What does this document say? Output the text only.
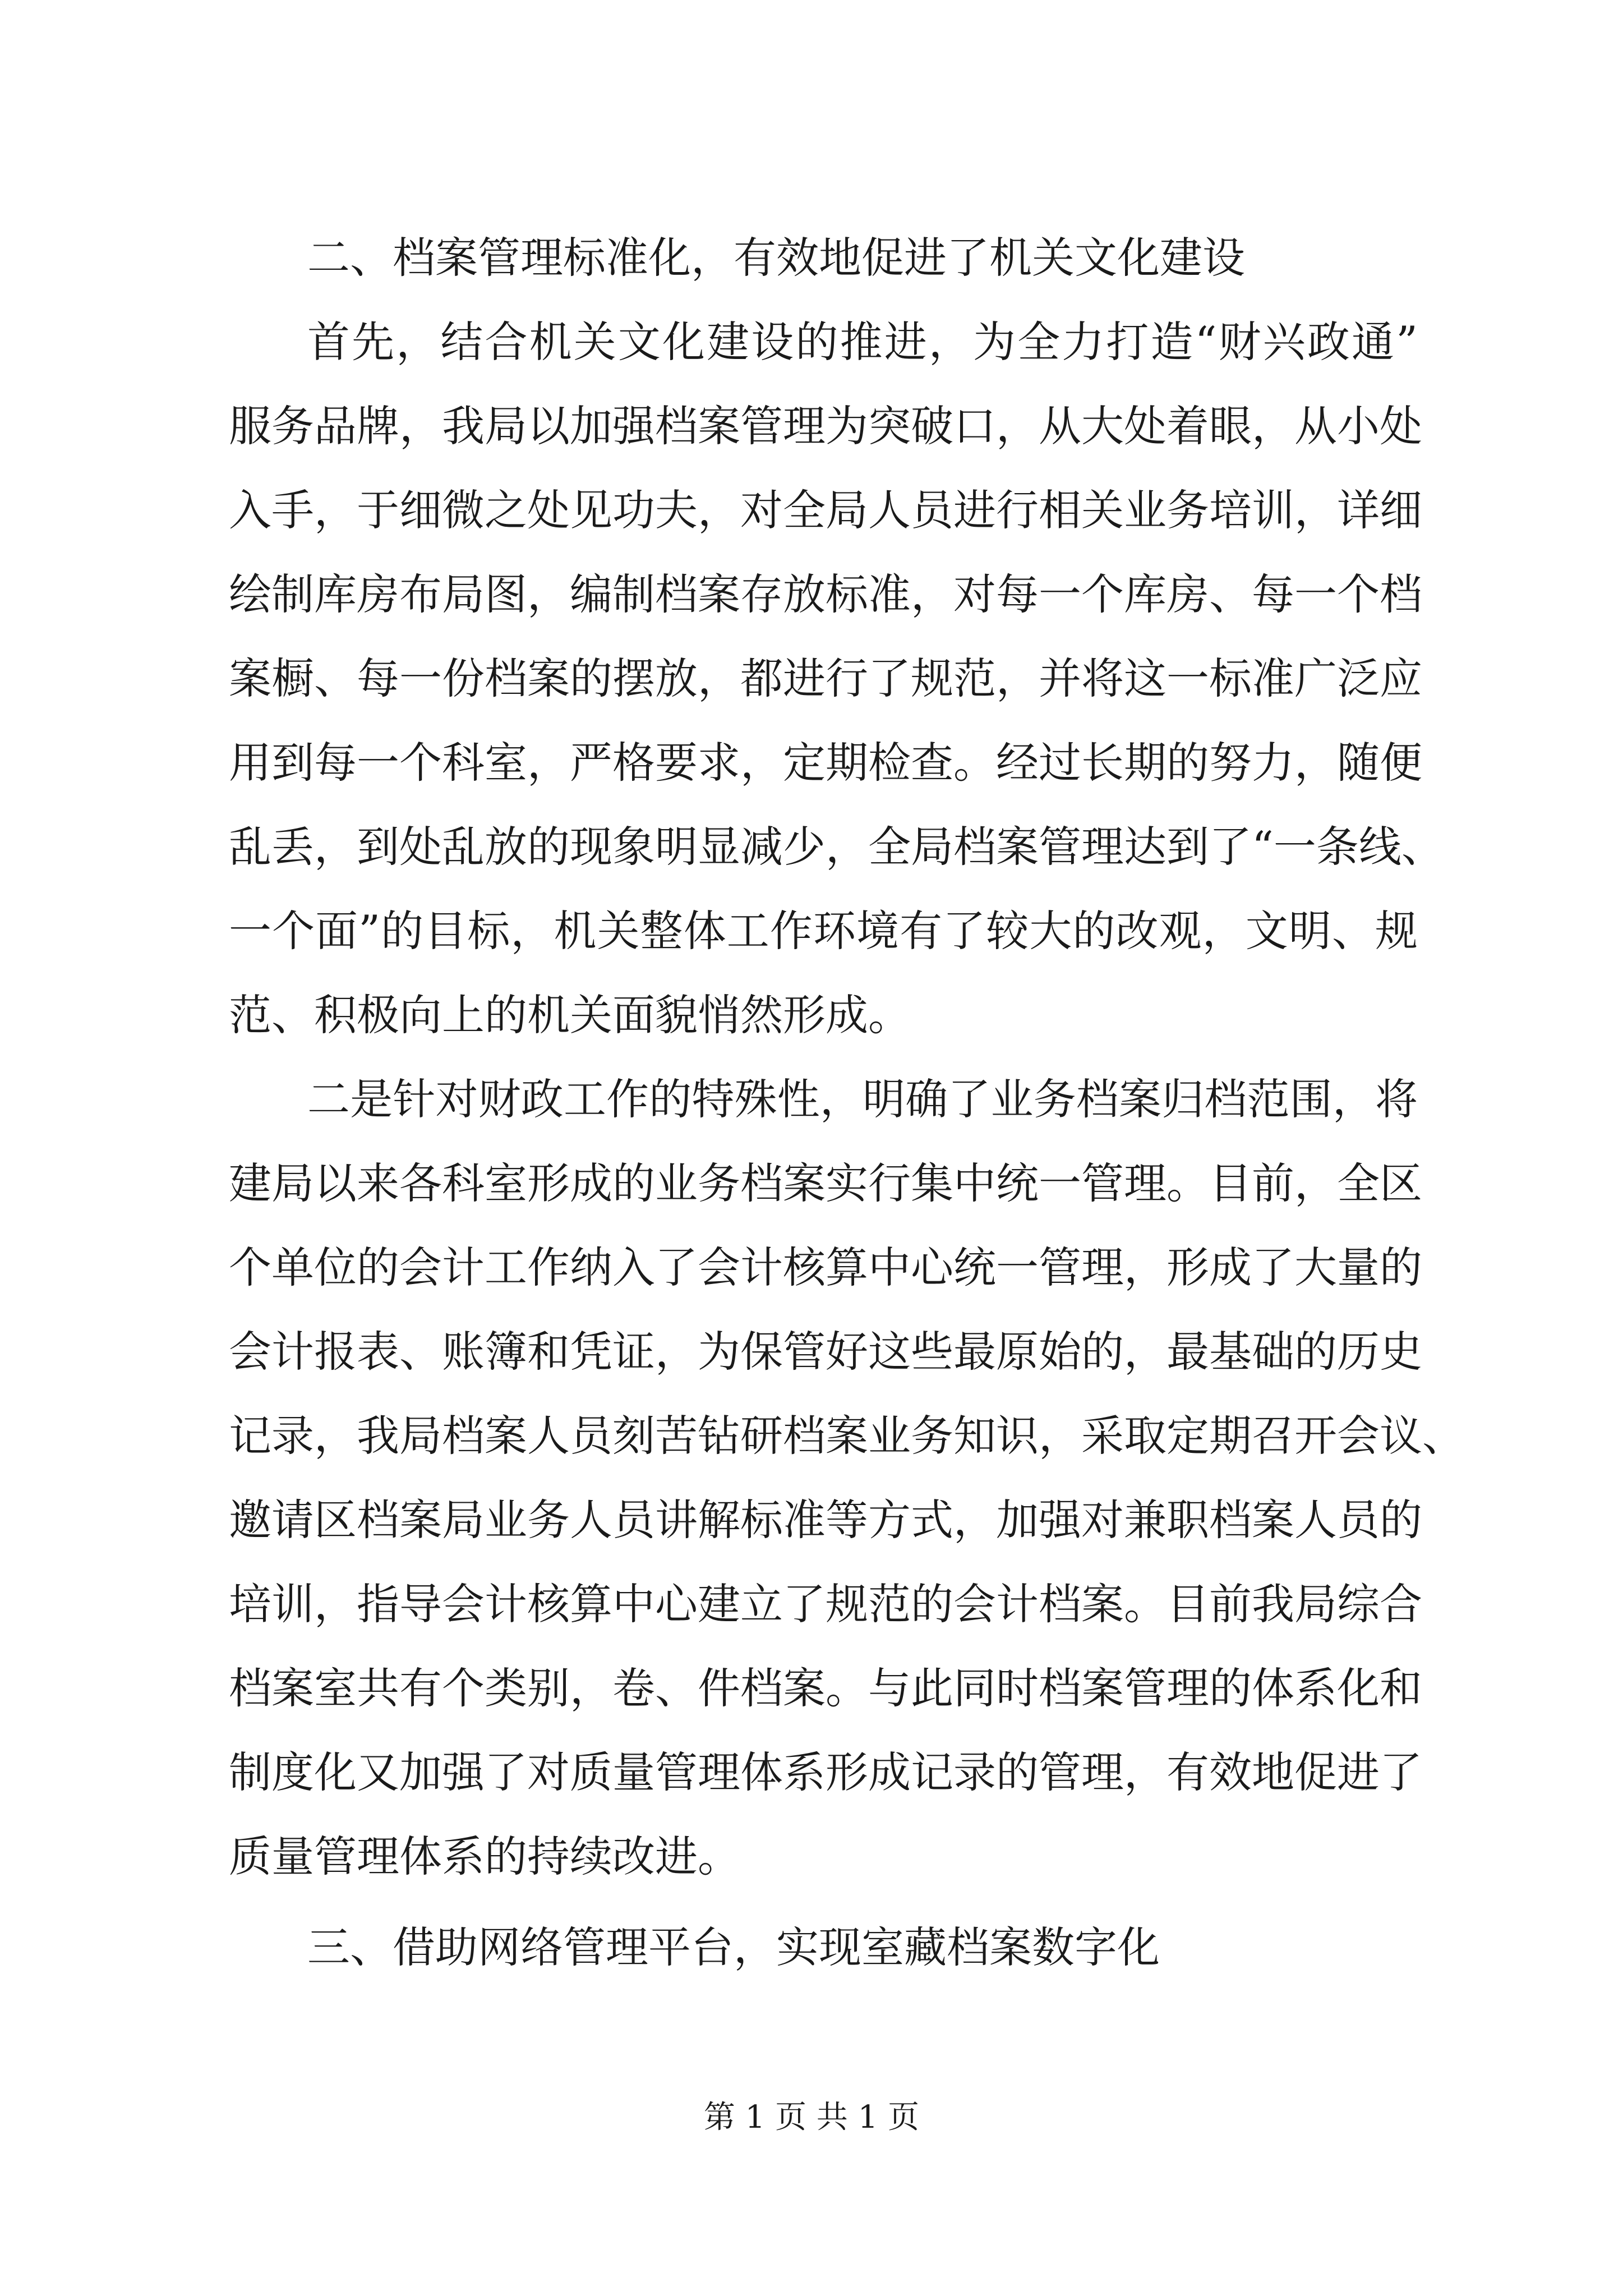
二、档案管理标准化，有效地促进了机关文化建设
首先，结合机关文化建设的推进，为全力打造“财兴政通”
服务品牌，我局以加强档案管理为突破口，从大处着眼，从小处
入手，于细微之处见功夫，对全局人员进行相关业务培训，详细
绘制库房布局图，编制档案存放标准，对每一个库房、每一个档
案橱、每一份档案的摆放，都进行了规范，并将这一标准广泛应
用到每一个科室，严格要求，定期检查。经过长期的努力，随便
乱丢，到处乱放的现象明显减少，全局档案管理达到了“一条线、
一个面”的目标，机关整体工作环境有了较大的改观，文明、规
范、积极向上的机关面貌悄然形成。
二是针对财政工作的特殊性，明确了业务档案归档范围，将
建局以来各科室形成的业务档案实行集中统一管理。目前，全区
个单位的会计工作纳入了会计核算中心统一管理，形成了大量的
会计报表、账簿和凭证，为保管好这些最原始的，最基础的历史
记录，我局档案人员刻苦钻研档案业务知识，采取定期召开会议、
邀请区档案局业务人员讲解标准等方式，加强对兼职档案人员的
培训，指导会计核算中心建立了规范的会计档案。目前我局综合
档案室共有个类别，卷、件档案。与此同时档案管理的体系化和
制度化又加强了对质量管理体系形成记录的管理，有效地促进了
质量管理体系的持续改进。
三、借助网络管理平台，实现室藏档案数字化
第 1 页 共 1 页
